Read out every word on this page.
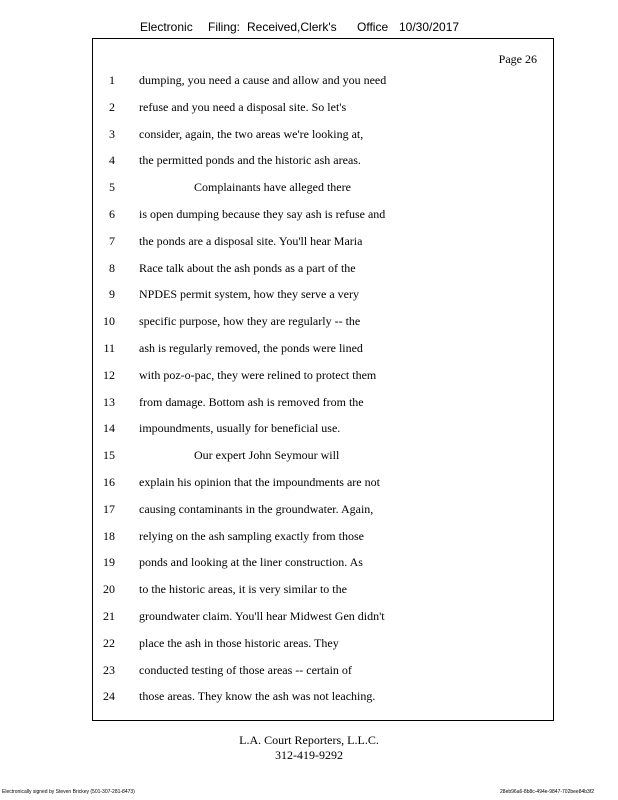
Electronic Filing: Received,Clerk's Office 10/30/2017
Page 26
1 dumping, you need a cause and allow and you need
2 refuse and you need a disposal site. So let's
3 consider, again, the two areas we're looking at,
4 the permitted ponds and the historic ash areas.
5	Complainants have alleged there
6 is open dumping because they say ash is refuse and
7 the ponds are a disposal site. You'll hear Maria
8 Race talk about the ash ponds as a part of the
9 NPDES permit system, how they serve a very
10 specific purpose, how they are regularly -- the
11 ash is regularly removed, the ponds were lined
12 with poz-o-pac, they were relined to protect them
13 from damage. Bottom ash is removed from the
14 impoundments, usually for beneficial use.
15	Our expert John Seymour will
16 explain his opinion that the impoundments are not
17 causing contaminants in the groundwater. Again,
18 relying on the ash sampling exactly from those
19 ponds and looking at the liner construction. As
20 to the historic areas, it is very similar to the
21 groundwater claim. You'll hear Midwest Gen didn't
22 place the ash in those historic areas. They
23 conducted testing of those areas -- certain of
24 those areas. They know the ash was not leaching.
L.A. Court Reporters, L.L.C.
312-419-9292
Electronically signed by Steven Brickey (501-307-281-8473)	28eb96a6-8b8c-494e-9847-702bee84b3f2
